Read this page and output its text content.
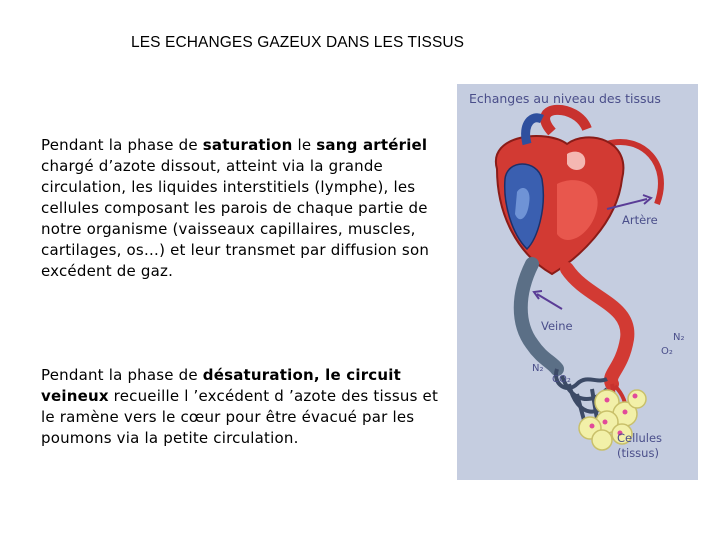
LES ECHANGES GAZEUX DANS LES TISSUS
Pendant la phase de saturation le sang artériel chargé d’azote dissout, atteint via la grande circulation, les liquides interstitiels (lymphe), les cellules composant les parois de chaque partie de notre organisme (vaisseaux capillaires, muscles, cartilages, os…) et leur transmet par diffusion son excédent de gaz.
Pendant la phase de désaturation, le circuit veineux recueille l ’excédent d ’azote des tissus et le ramène vers le cœur pour être évacué par les poumons via la petite circulation.
Echanges au niveau des tissus
Artère
Veine
N₂
O₂
N₂
CO₂
Cellules
(tissus)
